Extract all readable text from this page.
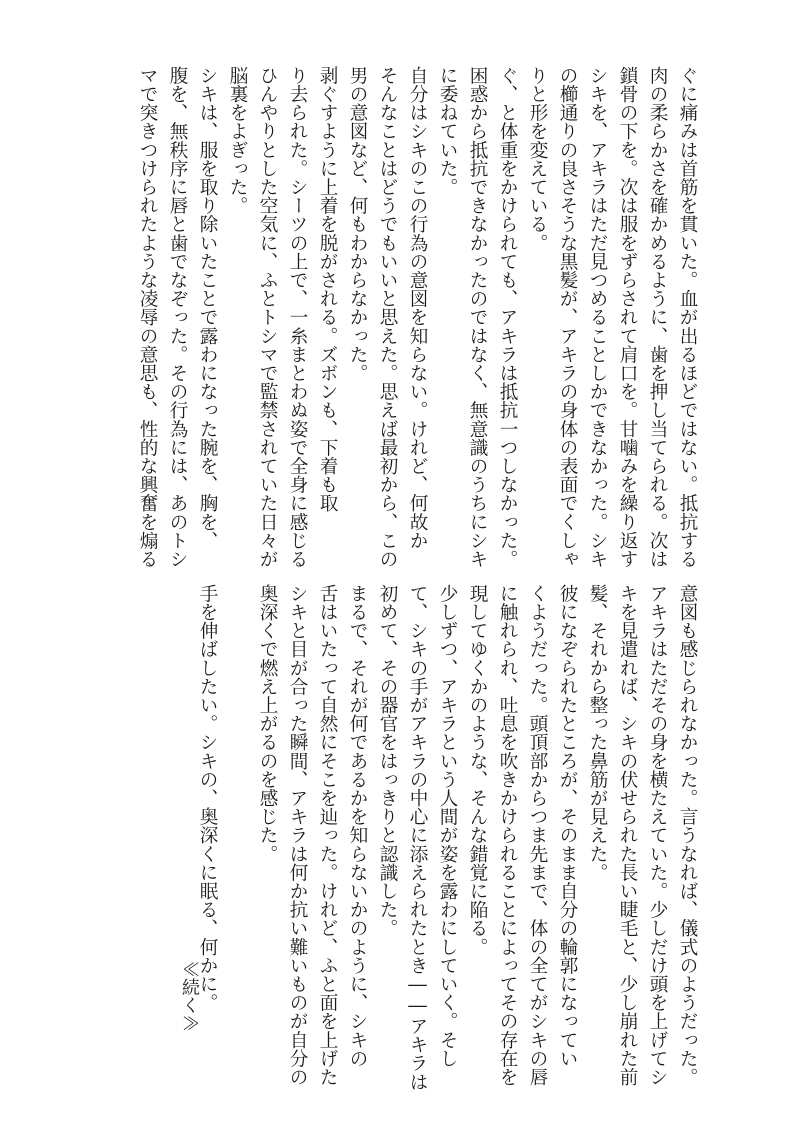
ぐに痛みは首筋を貫いた。血が出るほどではない。抵抗する
肉の柔らかさを確かめるように、歯を押し当てられる。次は
鎖骨の下を。次は服をずらされて肩口を。甘噛みを繰り返す
シキを、アキラはただ見つめることしかできなかった。シキ
の櫛通りの良さそうな黒髪が、アキラの身体の表面でくしゃ
りと形を変えている。
ぐ、と体重をかけられても、アキラは抵抗一つしなかった。
困惑から抵抗できなかったのではなく、無意識のうちにシキ
に委ねていた。
自分はシキのこの行為の意図を知らない。けれど、何故か
そんなことはどうでもいいと思えた。思えば最初から、この
男の意図など、何もわからなかった。
剥ぐすように上着を脱がされる。ズボンも、下着も取
り去られた。シーツの上で、一糸まとわぬ姿で全身に感じる
ひんやりとした空気に、ふとトシマで監禁されていた日々が
脳裏をよぎった。
シキは、服を取り除いたことで露わになった腕を、胸を、
腹を、無秩序に唇と歯でなぞった。その行為には、あのトシ
マで突きつけられたような凌辱の意思も、性的な興奮を煽る
意図も感じられなかった。言うなれば、儀式のようだった。
アキラはただその身を横たえていた。少しだけ頭を上げてシ
キを見遣れば、シキの伏せられた長い睫毛と、少し崩れた前
髪、それから整った鼻筋が見えた。
彼になぞられたところが、そのまま自分の輪郭になってい
くようだった。頭頂部からつま先まで、体の全てがシキの唇
に触れられ、吐息を吹きかけられることによってその存在を
現してゆくかのような、そんな錯覚に陥る。
少しずつ、アキラという人間が姿を露わにしていく。そし
て、シキの手がアキラの中心に添えられたとき――アキラは
初めて、その器官をはっきりと認識した。
まるで、それが何であるかを知らないかのように、シキの
舌はいたって自然にそこを辿った。けれど、ふと面を上げた
シキと目が合った瞬間、アキラは何か抗い難いものが自分の
奥深くで燃え上がるのを感じた。
手を伸ばしたい。シキの、奥深くに眠る、何かに。
≪続く≫
